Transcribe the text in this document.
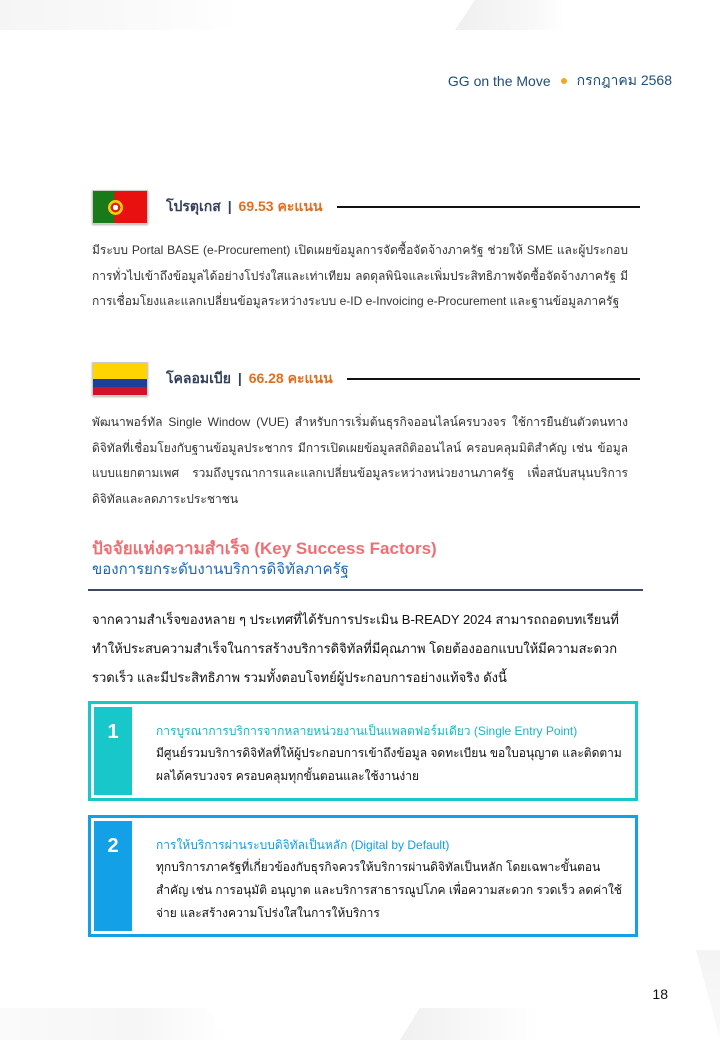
GG on the Move กรกฎาคม 2568
โปรตุเกส | 69.53 คะแนน

มีระบบ Portal BASE (e-Procurement) เปิดเผยข้อมูลการจัดซื้อจัดจ้างภาครัฐ ช่วยให้ SME และผู้ประกอบการทั่วไปเข้าถึงข้อมูลได้อย่างโปร่งใสและเท่าเทียม ลดดุลพินิจและเพิ่มประสิทธิภาพจัดซื้อจัดจ้างภาครัฐ มีการเชื่อมโยงและแลกเปลี่ยนข้อมูลระหว่างระบบ e-ID e-Invoicing e-Procurement และฐานข้อมูลภาครัฐ

โคลอมเบีย | 66.28 คะแนน

พัฒนาพอร์ทัล Single Window (VUE) สำหรับการเริ่มต้นธุรกิจออนไลน์ครบวงจร ใช้การยืนยันตัวตนทางดิจิทัลที่เชื่อมโยงกับฐานข้อมูลประชากร มีการเปิดเผยข้อมูลสถิติออนไลน์ ครอบคลุมมิติสำคัญ เช่น ข้อมูลแบบแยกตามเพศ รวมถึงบูรณาการและแลกเปลี่ยนข้อมูลระหว่างหน่วยงานภาครัฐ เพื่อสนับสนุนบริการดิจิทัลและลดภาระประชาชน

ปัจจัยแห่งความสำเร็จ (Key Success Factors)
ของการยกระดับงานบริการดิจิทัลภาครัฐ

จากความสำเร็จของหลาย ๆ ประเทศที่ได้รับการประเมิน B-READY 2024 สามารถถอดบทเรียนที่ทำให้ประสบความสำเร็จในการสร้างบริการดิจิทัลที่มีคุณภาพ โดยต้องออกแบบให้มีความสะดวก รวดเร็ว และมีประสิทธิภาพ รวมทั้งตอบโจทย์ผู้ประกอบการอย่างแท้จริง ดังนี้

1	การบูรณาการบริการจากหลายหน่วยงานเป็นแพลตฟอร์มเดียว (Single Entry Point)
มีศูนย์รวมบริการดิจิทัลที่ให้ผู้ประกอบการเข้าถึงข้อมูล จดทะเบียน ขอใบอนุญาต และติดตามผลได้ครบวงจร ครอบคลุมทุกขั้นตอนและใช้งานง่าย
2	การให้บริการผ่านระบบดิจิทัลเป็นหลัก (Digital by Default)
ทุกบริการภาครัฐที่เกี่ยวข้องกับธุรกิจควรให้บริการผ่านดิจิทัลเป็นหลัก โดยเฉพาะขั้นตอนสำคัญ เช่น การอนุมัติ อนุญาต และบริการสาธารณูปโภค เพื่อความสะดวก รวดเร็ว ลดค่าใช้จ่าย และสร้างความโปร่งใสในการให้บริการ
18
